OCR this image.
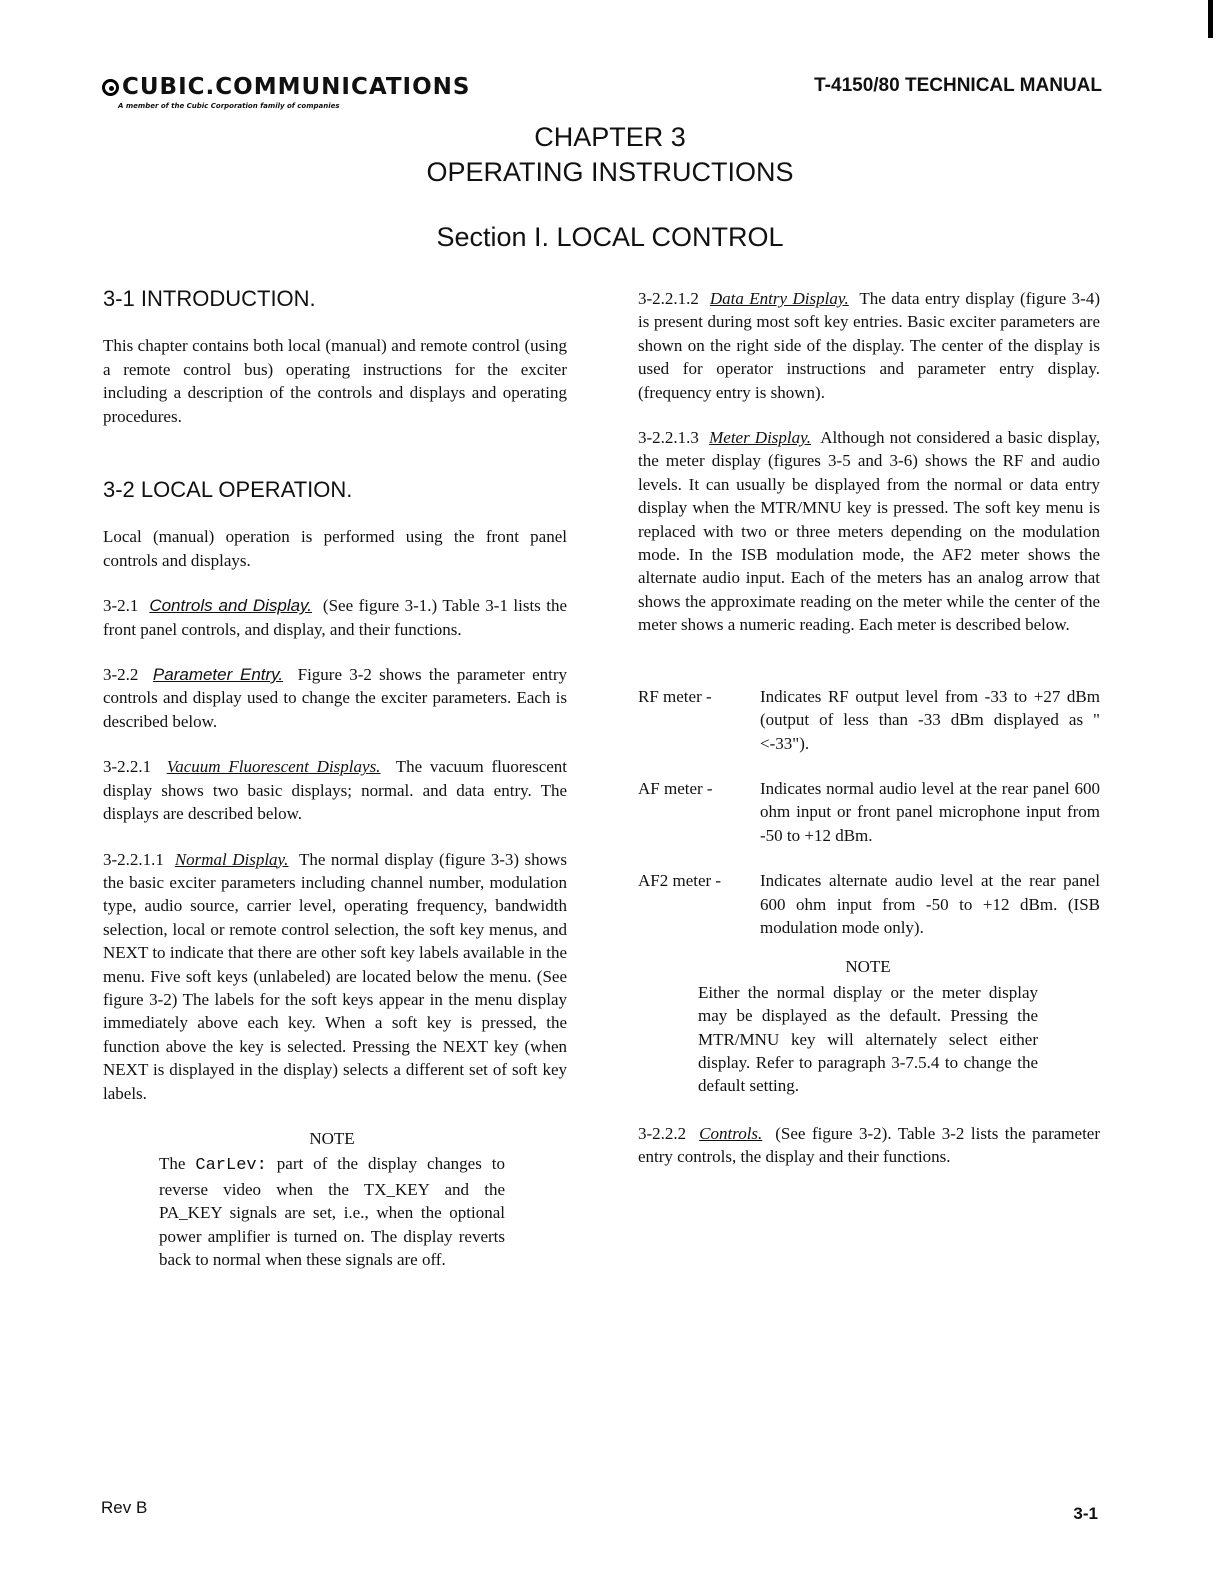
CUBIC.COMMUNICATIONS
A member of the Cubic Corporation family of companies
T-4150/80 TECHNICAL MANUAL
CHAPTER 3
OPERATING INSTRUCTIONS
Section I. LOCAL CONTROL
3-1 INTRODUCTION.

This chapter contains both local (manual) and remote control (using a remote control bus) operating instructions for the exciter including a description of the controls and displays and operating procedures.

3-2 LOCAL OPERATION.

Local (manual) operation is performed using the front panel controls and displays.

3-2.1 Controls and Display. (See figure 3-1.) Table 3-1 lists the front panel controls, and display, and their functions.

3-2.2 Parameter Entry. Figure 3-2 shows the parameter entry controls and display used to change the exciter parameters. Each is described below.

3-2.2.1 Vacuum Fluorescent Displays. The vacuum fluorescent display shows two basic displays; normal. and data entry. The displays are described below.

3-2.2.1.1 Normal Display. The normal display (figure 3-3) shows the basic exciter parameters including channel number, modulation type, audio source, carrier level, operating frequency, bandwidth selection, local or remote control selection, the soft key menus, and NEXT to indicate that there are other soft key labels available in the menu. Five soft keys (unlabeled) are located below the menu. (See figure 3-2) The labels for the soft keys appear in the menu display immediately above each key. When a soft key is pressed, the function above the key is selected. Pressing the NEXT key (when NEXT is displayed in the display) selects a different set of soft key labels.

NOTE
The CarLev: part of the display changes to reverse video when the TX_KEY and the PA_KEY signals are set, i.e., when the optional power amplifier is turned on. The display reverts back to normal when these signals are off.

3-2.2.1.2 Data Entry Display. The data entry display (figure 3-4) is present during most soft key entries. Basic exciter parameters are shown on the right side of the display. The center of the display is used for operator instructions and parameter entry display. (frequency entry is shown).

3-2.2.1.3 Meter Display. Although not considered a basic display, the meter display (figures 3-5 and 3-6) shows the RF and audio levels. It can usually be displayed from the normal or data entry display when the MTR/MNU key is pressed. The soft key menu is replaced with two or three meters depending on the modulation mode. In the ISB modulation mode, the AF2 meter shows the alternate audio input. Each of the meters has an analog arrow that shows the approximate reading on the meter while the center of the meter shows a numeric reading. Each meter is described below.

RF meter -	Indicates RF output level from -33 to +27 dBm (output of less than -33 dBm displayed as "<-33").
AF meter -	Indicates normal audio level at the rear panel 600 ohm input or front panel microphone input from -50 to +12 dBm.
AF2 meter -	Indicates alternate audio level at the rear panel 600 ohm input from -50 to +12 dBm. (ISB modulation mode only).
NOTE
Either the normal display or the meter display may be displayed as the default. Pressing the MTR/MNU key will alternately select either display. Refer to paragraph 3-7.5.4 to change the default setting.

3-2.2.2 Controls. (See figure 3-2). Table 3-2 lists the parameter entry controls, the display and their functions.

Rev B	3-1
